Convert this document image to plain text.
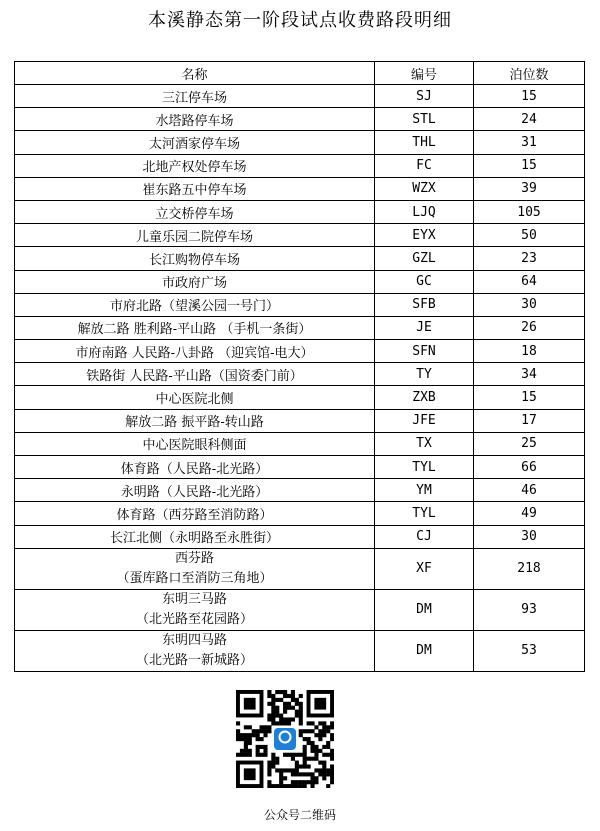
本溪静态第一阶段试点收费路段明细
名称	编号	泊位数
三江停车场	SJ	15
水塔路停车场	STL	24
太河酒家停车场	THL	31
北地产权处停车场	FC	15
崔东路五中停车场	WZX	39
立交桥停车场	LJQ	105
儿童乐园二院停车场	EYX	50
长江购物停车场	GZL	23
市政府广场	GC	64
市府北路（望溪公园一号门）	SFB	30
解放二路 胜利路-平山路 （手机一条街）	JE	26
市府南路 人民路-八卦路 （迎宾馆-电大）	SFN	18
铁路街 人民路-平山路（国资委门前）	TY	34
中心医院北侧	ZXB	15
解放二路 振平路-转山路	JFE	17
中心医院眼科侧面	TX	25
体育路（人民路-北光路）	TYL	66
永明路（人民路-北光路）	YM	46
体育路（西芬路至消防路）	TYL	49
长江北侧（永明路至永胜街）	CJ	30

西芬路
（蛋库路口至消防三角地）	XF	218

东明三马路
（北光路至花园路）	DM	93

东明四马路
（北光路一新城路）	DM	53
公众号二维码
